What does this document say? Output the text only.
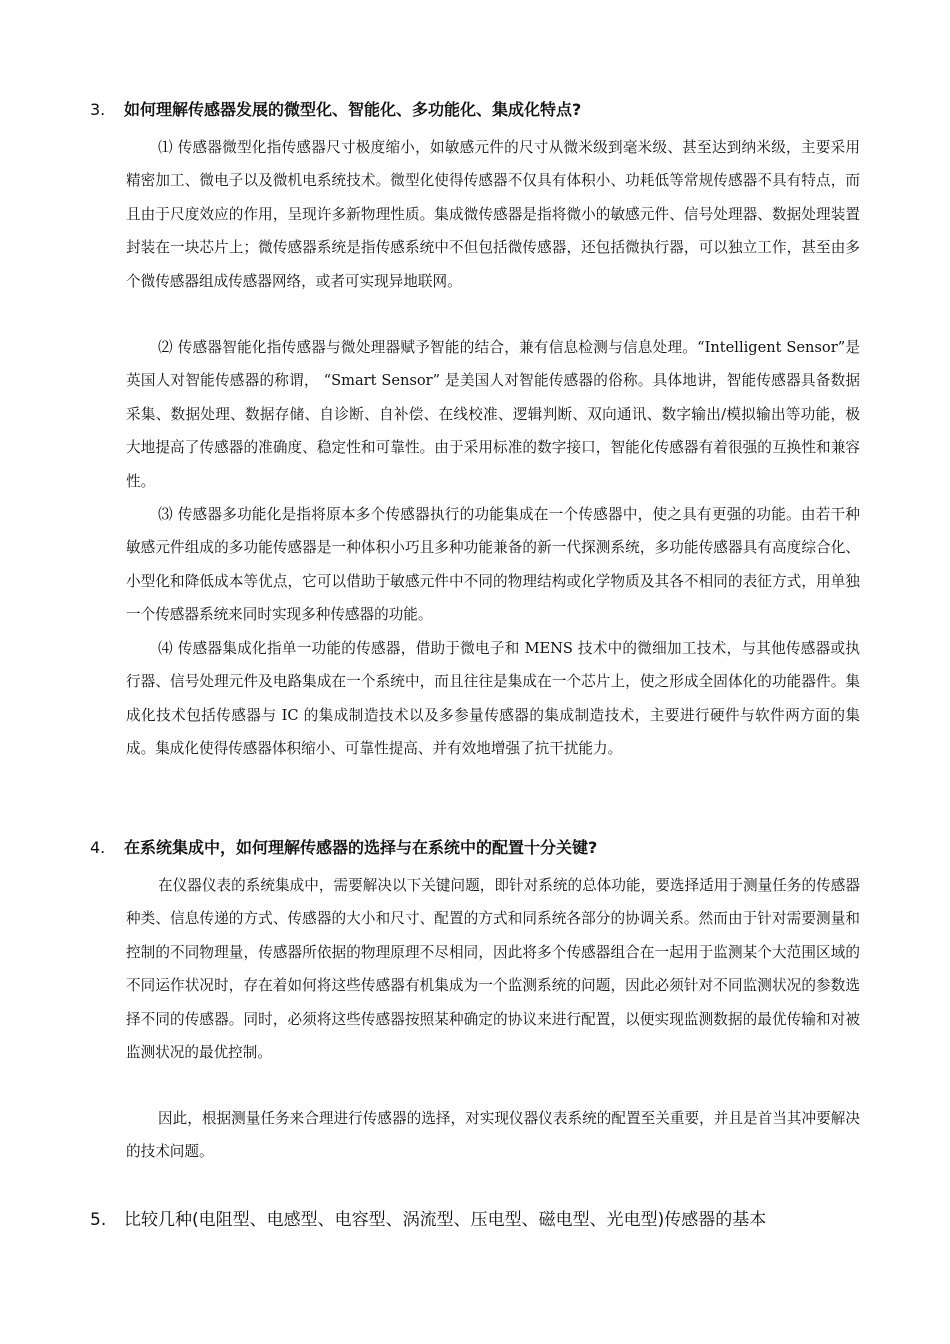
3. 如何理解传感器发展的微型化、智能化、多功能化、集成化特点?

⑴ 传感器微型化指传感器尺寸极度缩小，如敏感元件的尺寸从微米级到毫米级、甚至达到纳米级，主要采用精密加工、微电子以及微机电系统技术。微型化使得传感器不仅具有体积小、功耗低等常规传感器不具有特点，而且由于尺度效应的作用，呈现许多新物理性质。集成微传感器是指将微小的敏感元件、信号处理器、数据处理装置封装在一块芯片上；微传感器系统是指传感系统中不但包括微传感器，还包括微执行器，可以独立工作，甚至由多个微传感器组成传感器网络，或者可实现异地联网。

⑵ 传感器智能化指传感器与微处理器赋予智能的结合，兼有信息检测与信息处理。“Intelligent Sensor”是英国人对智能传感器的称谓， “Smart Sensor” 是美国人对智能传感器的俗称。具体地讲，智能传感器具备数据采集、数据处理、数据存储、自诊断、自补偿、在线校准、逻辑判断、双向通讯、数字输出/模拟输出等功能，极大地提高了传感器的准确度、稳定性和可靠性。由于采用标准的数字接口，智能化传感器有着很强的互换性和兼容性。

⑶ 传感器多功能化是指将原本多个传感器执行的功能集成在一个传感器中，使之具有更强的功能。由若干种敏感元件组成的多功能传感器是一种体积小巧且多种功能兼备的新一代探测系统，多功能传感器具有高度综合化、小型化和降低成本等优点，它可以借助于敏感元件中不同的物理结构或化学物质及其各不相同的表征方式，用单独一个传感器系统来同时实现多种传感器的功能。

⑷ 传感器集成化指单一功能的传感器，借助于微电子和 MENS 技术中的微细加工技术，与其他传感器或执行器、信号处理元件及电路集成在一个系统中，而且往往是集成在一个芯片上，使之形成全固体化的功能器件。集成化技术包括传感器与 IC 的集成制造技术以及多参量传感器的集成制造技术，主要进行硬件与软件两方面的集成。集成化使得传感器体积缩小、可靠性提高、并有效地增强了抗干扰能力。

4. 在系统集成中，如何理解传感器的选择与在系统中的配置十分关键?

在仪器仪表的系统集成中，需要解决以下关键问题，即针对系统的总体功能，要选择适用于测量任务的传感器种类、信息传递的方式、传感器的大小和尺寸、配置的方式和同系统各部分的协调关系。然而由于针对需要测量和控制的不同物理量，传感器所依据的物理原理不尽相同，因此将多个传感器组合在一起用于监测某个大范围区域的不同运作状况时，存在着如何将这些传感器有机集成为一个监测系统的问题，因此必须针对不同监测状况的参数选择不同的传感器。同时，必须将这些传感器按照某种确定的协议来进行配置，以便实现监测数据的最优传输和对被监测状况的最优控制。

因此，根据测量任务来合理进行传感器的选择，对实现仪器仪表系统的配置至关重要，并且是首当其冲要解决的技术问题。

5. 比较几种(电阻型、电感型、电容型、涡流型、压电型、磁电型、光电型)传感器的基本
